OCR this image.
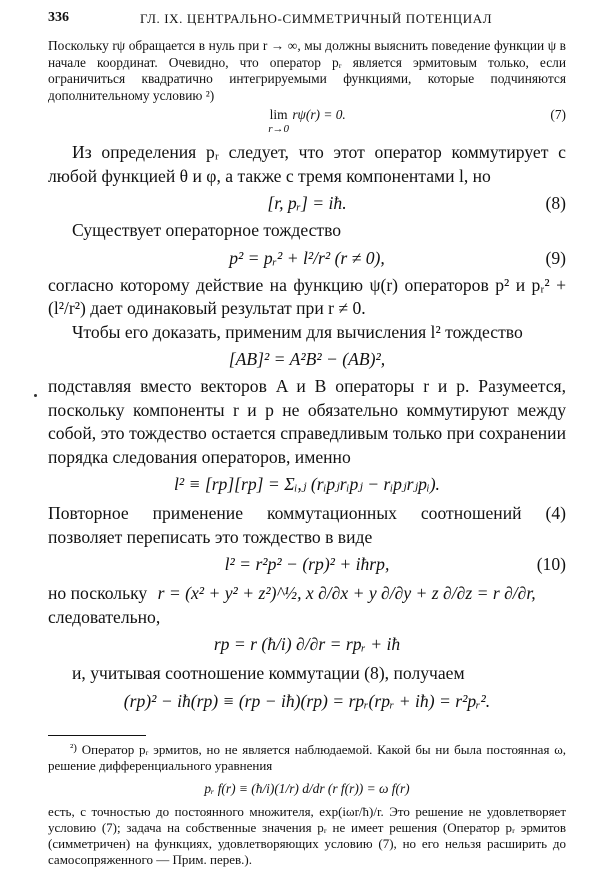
336	ГЛ. IX. ЦЕНТРАЛЬНО-СИММЕТРИЧНЫЙ ПОТЕНЦИАЛ

Поскольку rψ обращается в нуль при r → ∞, мы должны выяснить поведение функции ψ в начале координат. Очевидно, что оператор pᵣ является эрмитовым только, если ограничиться квадратично интегрируемыми функциями, которые подчиняются дополнительному условию ²)

lim
r→0
rψ(r) = 0.	(7)

Из определения pᵣ следует, что этот оператор коммутирует с любой функцией θ и φ, а также с тремя компонентами l, но

[r, pᵣ] = iħ.	(8)

Существует операторное тождество

p² = pᵣ² + l²/r² (r ≠ 0),	(9)

согласно которому действие на функцию ψ(r) операторов p² и pᵣ² + (l²/r²) дает одинаковый результат при r ≠ 0.

Чтобы его доказать, применим для вычисления l² тождество

[AB]² = A²B² − (AB)²,

подставляя вместо векторов A и B операторы r и p. Разумеется, поскольку компоненты r и p не обязательно коммутируют между собой, это тождество остается справедливым только при сохранении порядка следования операторов, именно

l² ≡ [rp][rp] = Σᵢ,ⱼ (rᵢpⱼrᵢpⱼ − rᵢpⱼrⱼpᵢ).

Повторное применение коммутационных соотношений (4) позволяет переписать это тождество в виде

l² = r²p² − (rp)² + iħrp,	(10)

но поскольку r = (x² + y² + z²)^½, x ∂/∂x + y ∂/∂y + z ∂/∂z = r ∂/∂r,

следовательно,

rp = r (ħ/i) ∂/∂r = rpᵣ + iħ

и, учитывая соотношение коммутации (8), получаем

(rp)² − iħ(rp) ≡ (rp − iħ)(rp) = rpᵣ(rpᵣ + iħ) = r²pᵣ².

$^{^2)}$ Оператор pᵣ эрмитов, но не является наблюдаемой. Какой бы ни была постоянная ω, решение дифференциального уравнения

pᵣ f(r) ≡ (ħ/i)(1/r) d/dr (r f(r)) = ω f(r)

есть, с точностью до постоянного множителя, exp(iωr/ħ)/r. Это решение не удовлетворяет условию (7); задача на собственные значения pᵣ не имеет решения (Оператор pᵣ эрмитов (симметричен) на функциях, удовлетворяющих условию (7), но его нельзя расширить до самосопряженного — Прим. перев.).
